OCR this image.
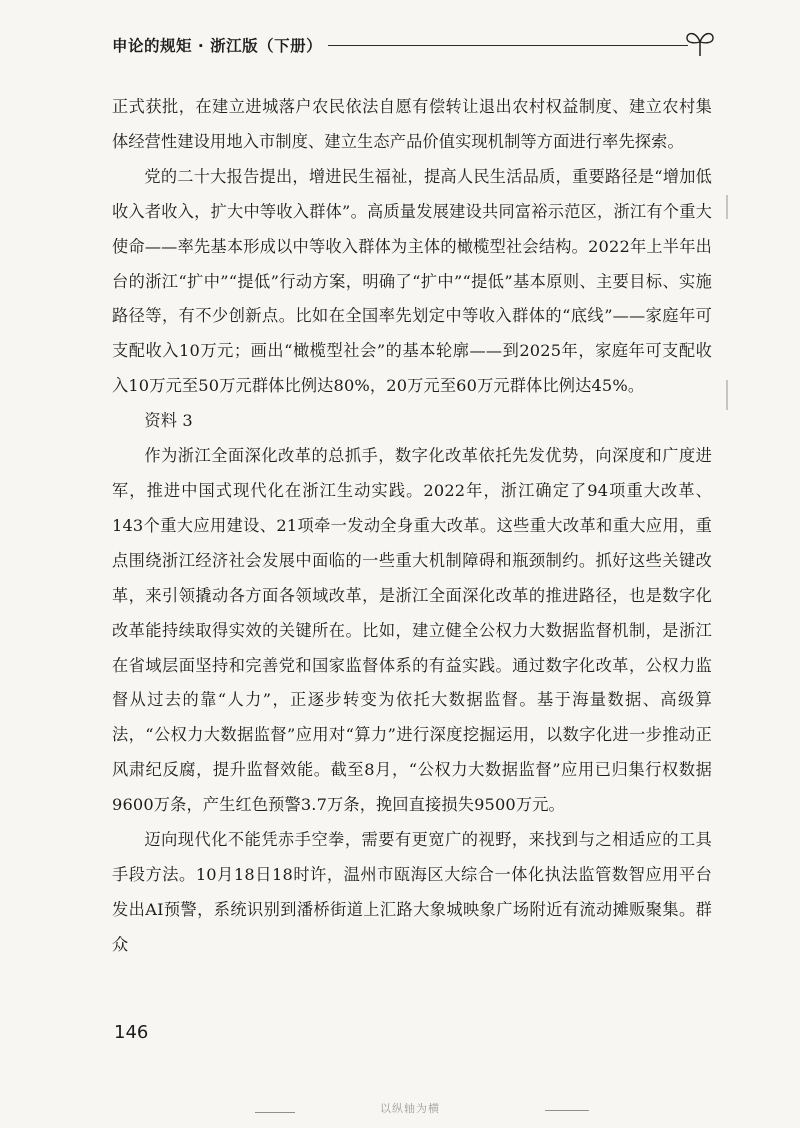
申论的规矩 · 浙江版（下册）

正式获批，在建立进城落户农民依法自愿有偿转让退出农村权益制度、建立农村集体经营性建设用地入市制度、建立生态产品价值实现机制等方面进行率先探索。

党的二十大报告提出，增进民生福祉，提高人民生活品质，重要路径是“增加低收入者收入，扩大中等收入群体”。高质量发展建设共同富裕示范区，浙江有个重大使命——率先基本形成以中等收入群体为主体的橄榄型社会结构。2022年上半年出台的浙江“扩中”“提低”行动方案，明确了“扩中”“提低”基本原则、主要目标、实施路径等，有不少创新点。比如在全国率先划定中等收入群体的“底线”——家庭年可支配收入10万元；画出“橄榄型社会”的基本轮廓——到2025年，家庭年可支配收入10万元至50万元群体比例达80%，20万元至60万元群体比例达45%。

资料 3

作为浙江全面深化改革的总抓手，数字化改革依托先发优势，向深度和广度进军，推进中国式现代化在浙江生动实践。2022年，浙江确定了94项重大改革、143个重大应用建设、21项牵一发动全身重大改革。这些重大改革和重大应用，重点围绕浙江经济社会发展中面临的一些重大机制障碍和瓶颈制约。抓好这些关键改革，来引领撬动各方面各领域改革，是浙江全面深化改革的推进路径，也是数字化改革能持续取得实效的关键所在。比如，建立健全公权力大数据监督机制，是浙江在省域层面坚持和完善党和国家监督体系的有益实践。通过数字化改革，公权力监督从过去的靠“人力”，正逐步转变为依托大数据监督。基于海量数据、高级算法，“公权力大数据监督”应用对“算力”进行深度挖掘运用，以数字化进一步推动正风肃纪反腐，提升监督效能。截至8月，“公权力大数据监督”应用已归集行权数据9600万条，产生红色预警3.7万条，挽回直接损失9500万元。

迈向现代化不能凭赤手空拳，需要有更宽广的视野，来找到与之相适应的工具手段方法。10月18日18时许，温州市瓯海区大综合一体化执法监管数智应用平台发出AI预警，系统识别到潘桥街道上汇路大象城映象广场附近有流动摊贩聚集。群众

146
以纵轴为横
